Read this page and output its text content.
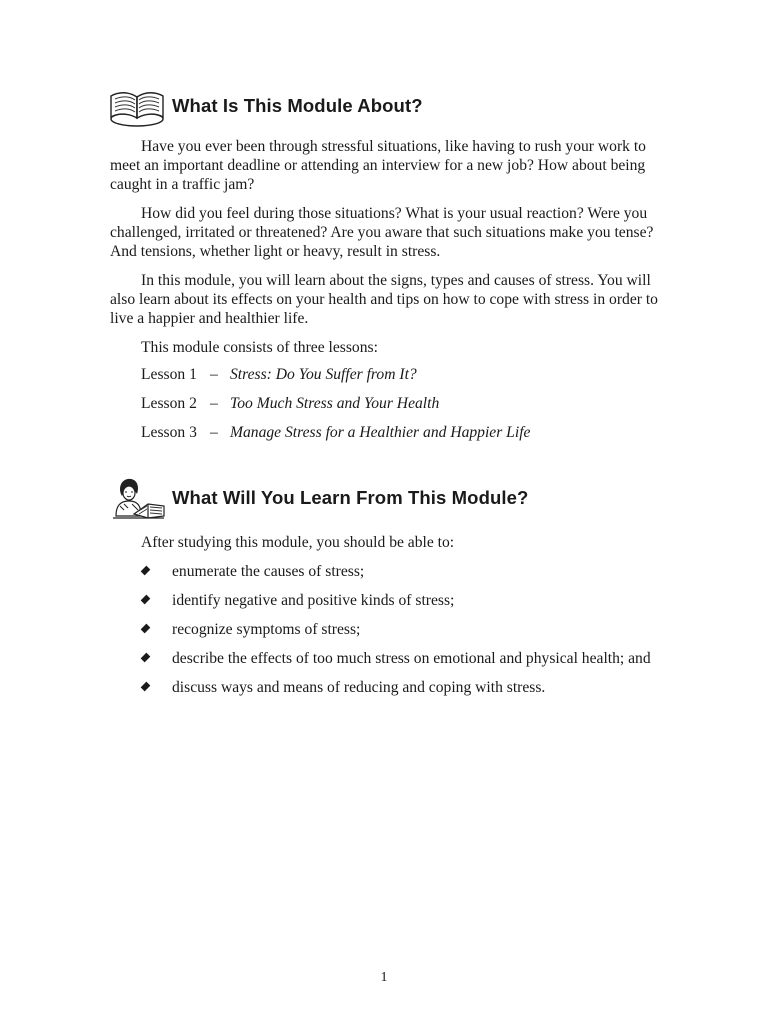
What Is This Module About?

Have you ever been through stressful situations, like having to rush your work to meet an important deadline or attending an interview for a new job? How about being caught in a traffic jam?

How did you feel during those situations? What is your usual reaction? Were you challenged, irritated or threatened? Are you aware that such situations make you tense? And tensions, whether light or heavy, result in stress.

In this module, you will learn about the signs, types and causes of stress. You will also learn about its effects on your health and tips on how to cope with stress in order to live a happier and healthier life.

This module consists of three lessons:

Lesson 1 – Stress: Do You Suffer from It?
Lesson 2 – Too Much Stress and Your Health
Lesson 3 – Manage Stress for a Healthier and Happier Life
What Will You Learn From This Module?

After studying this module, you should be able to:

enumerate the causes of stress;
identify negative and positive kinds of stress;
recognize symptoms of stress;
describe the effects of too much stress on emotional and physical health; and
discuss ways and means of reducing and coping with stress.
1
